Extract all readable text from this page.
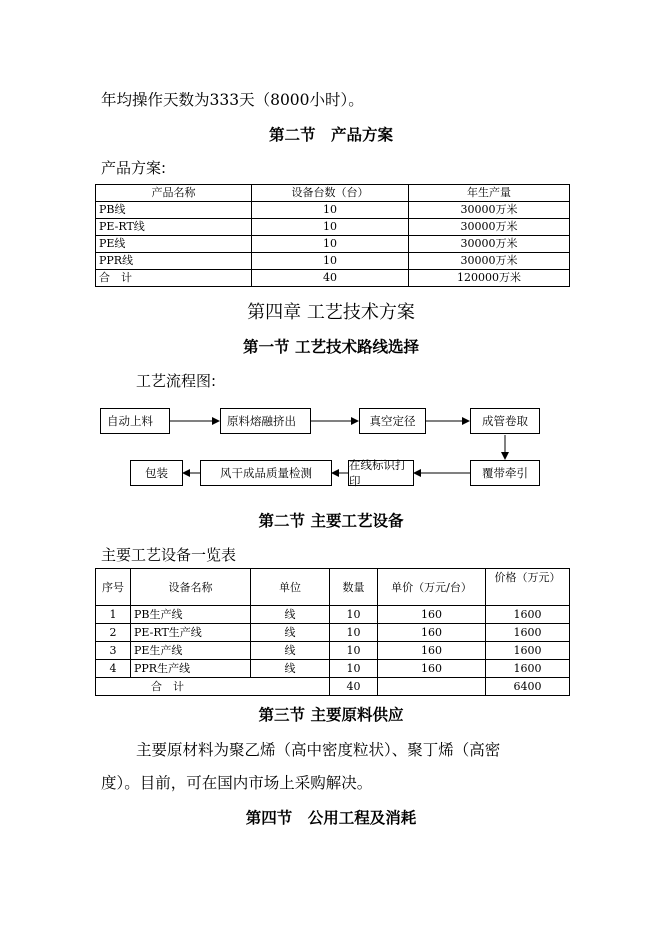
年均操作天数为333天（8000小时）。
第二节　产品方案
产品方案:
产品名称	设备台数（台）	年生产量
PB线	10	30000万米
PE-RT线	10	30000万米
PE线	10	30000万米
PPR线	10	30000万米
合　计	40	120000万米
第四章 工艺技术方案
第一节 工艺技术路线选择
工艺流程图:
自动上料	原料熔融挤出	真空定径	成管卷取
覆带牵引
在线标识打印
风干成品质量检测
包装
第二节 主要工艺设备
主要工艺设备一览表
序号	设备名称	单位	数量	单价（万元/台）	价格（万元）
1	PB生产线	线	10	160	1600
2	PE-RT生产线	线	10	160	1600
3	PE生产线	线	10	160	1600
4	PPR生产线	线	10	160	1600
合　计			40		6400
第三节 主要原料供应
主要原材料为聚乙烯（高中密度粒状）、聚丁烯（高密
度）。目前，可在国内市场上采购解决。
第四节　公用工程及消耗
